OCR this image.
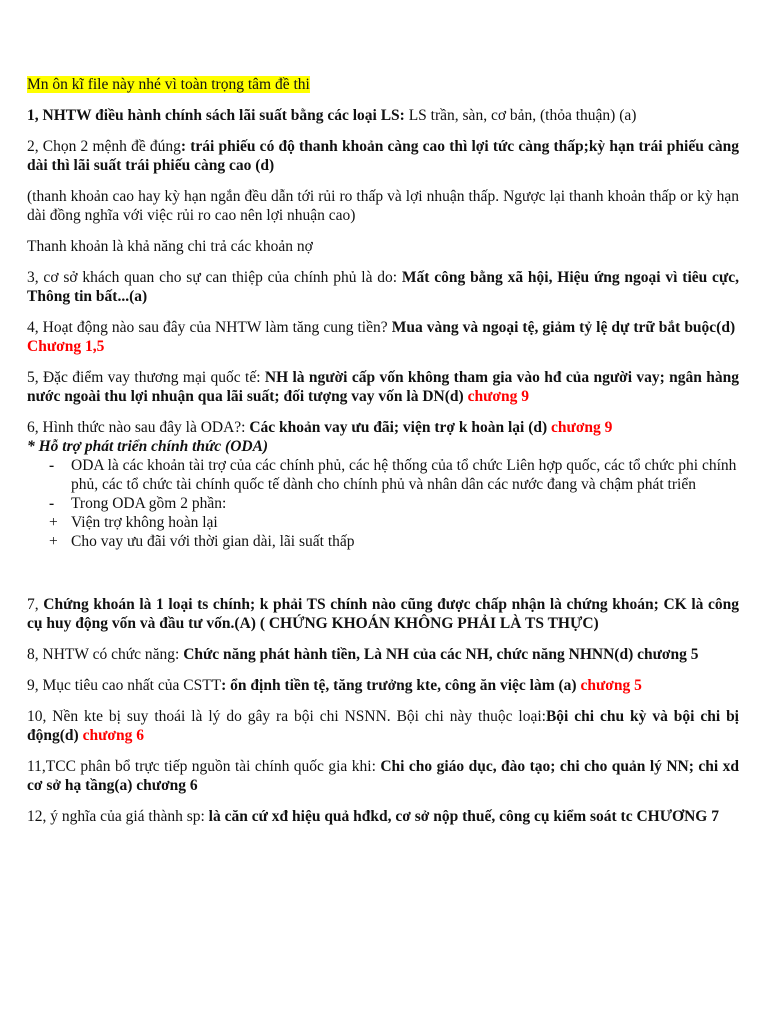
Mn ôn kĩ file này nhé vì toàn trọng tâm đề thi

1, NHTW điều hành chính sách lãi suất bằng các loại LS: LS trần, sàn, cơ bản, (thỏa thuận) (a)

2, Chọn 2 mệnh đề đúng: trái phiếu có độ thanh khoản càng cao thì lợi tức càng thấp;kỳ hạn trái phiếu càng dài thì lãi suất trái phiếu càng cao (d)

(thanh khoản cao hay kỳ hạn ngắn đều dẫn tới rủi ro thấp và lợi nhuận thấp. Ngược lại thanh khoản thấp or kỳ hạn dài đồng nghĩa với việc rủi ro cao nên lợi nhuận cao)

Thanh khoản là khả năng chi trả các khoản nợ

3, cơ sở khách quan cho sự can thiệp của chính phủ là do: Mất công bằng xã hội, Hiệu ứng ngoại vì tiêu cực, Thông tin bất...(a)

4, Hoạt động nào sau đây của NHTW làm tăng cung tiền? Mua vàng và ngoại tệ, giảm tỷ lệ dự trữ bắt buộc(d)  Chương 1,5

5, Đặc điểm vay thương mại quốc tế: NH là người cấp vốn không tham gia vào hđ của người vay; ngân hàng nước ngoài thu lợi nhuận qua lãi suất; đối tượng vay vốn là DN(d) chương 9

6, Hình thức nào sau đây là ODA?: Các khoản vay ưu đãi; viện trợ k hoàn lại (d) chương 9

* Hỗ trợ phát triển chính thức (ODA)

- ODA là các khoản tài trợ của các chính phủ, các hệ thống của tổ chức Liên hợp quốc, các tổ chức phi chính phủ, các tổ chức tài chính quốc tế dành cho chính phủ và nhân dân các nước đang và chậm phát triển
- Trong ODA gồm 2 phần:
+ Viện trợ không hoàn lại
+ Cho vay ưu đãi với thời gian dài, lãi suất thấp

7, Chứng khoán là 1 loại ts chính; k phải TS chính nào cũng được chấp nhận là chứng khoán; CK là công cụ huy động vốn và đầu tư vốn.(A) ( CHỨNG KHOÁN KHÔNG PHẢI LÀ TS THỰC)

8, NHTW có chức năng: Chức năng phát hành tiền, Là NH của các NH, chức năng NHNN(d) chương 5

9, Mục tiêu cao nhất của CSTT: ổn định tiền tệ, tăng trưởng kte, công ăn việc làm (a) chương 5

10, Nền kte bị suy thoái là lý do gây ra bội chi NSNN. Bội chi này thuộc loại:Bội chi chu kỳ và bội chi bị động(d) chương 6

11,TCC phân bổ trực tiếp nguồn tài chính quốc gia khi: Chi cho giáo dục, đào tạo; chi cho quản lý NN; chi xd cơ sở hạ tầng(a) chương 6

12, ý nghĩa của giá thành sp: là căn cứ xđ hiệu quả hđkd, cơ sở nộp thuế, công cụ kiểm soát tc CHƯƠNG 7
